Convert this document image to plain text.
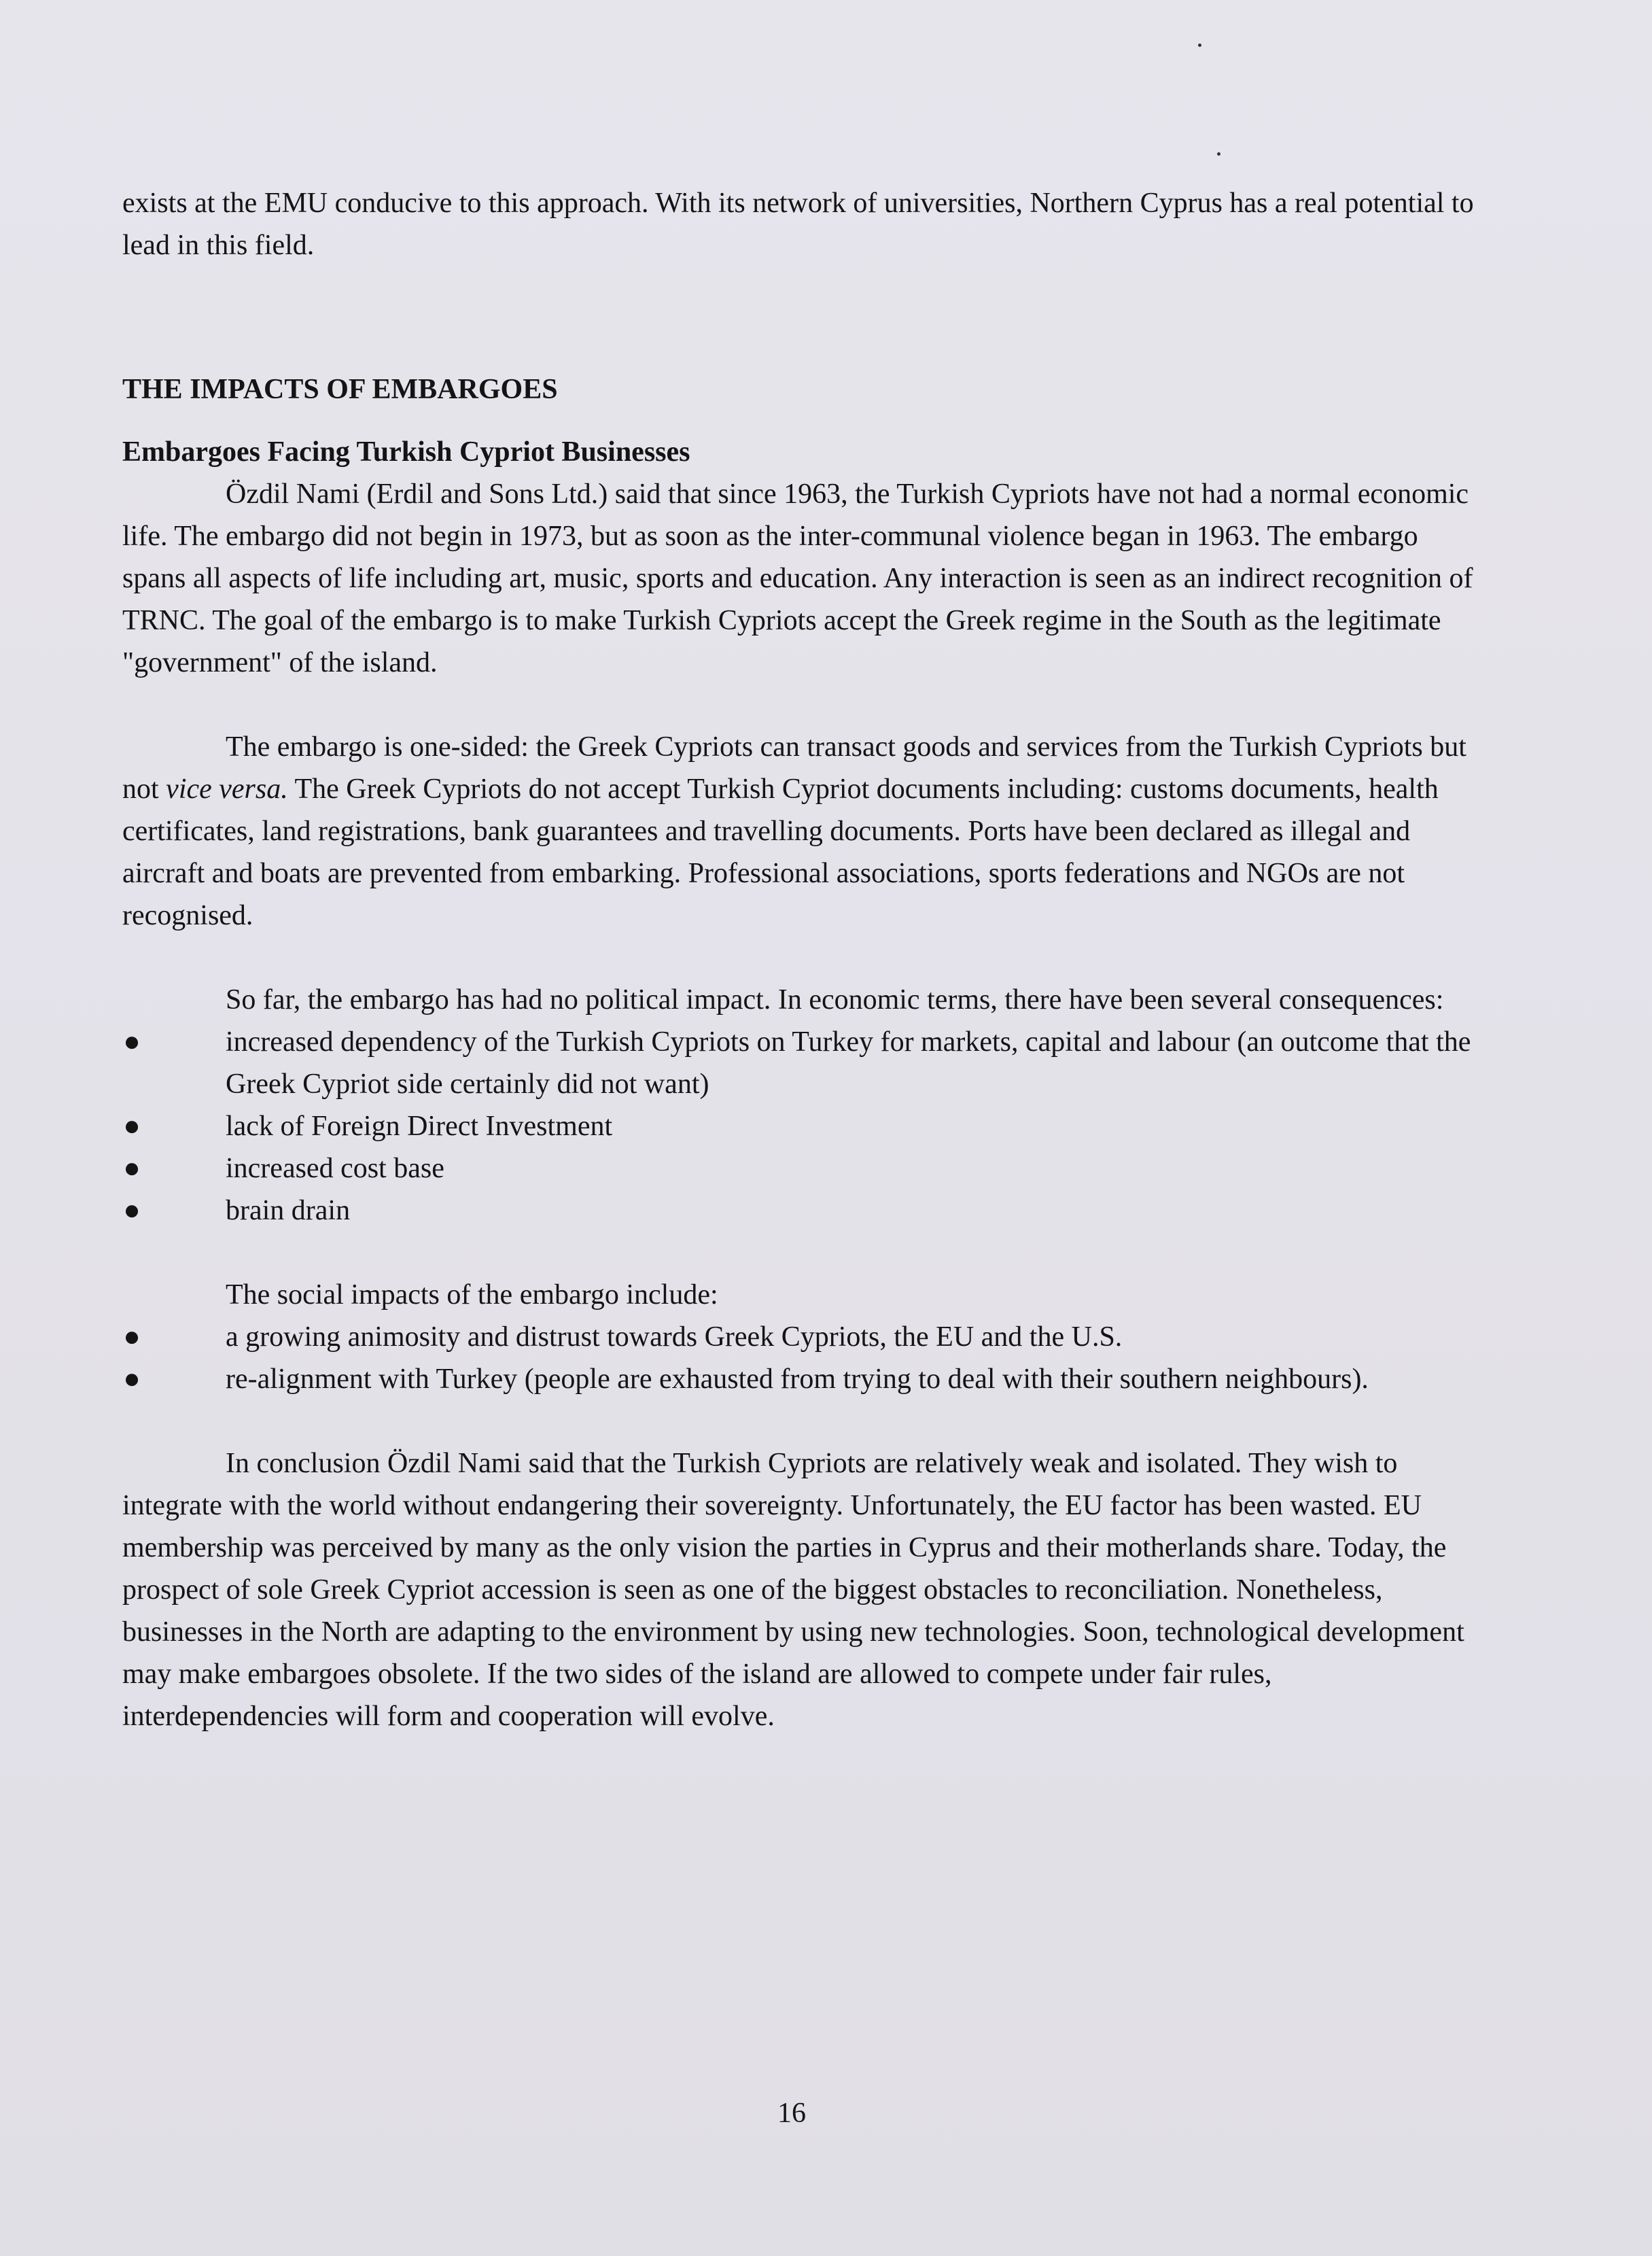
exists at the EMU conducive to this approach. With its network of universities, Northern Cyprus has a real potential to lead in this field.

THE IMPACTS OF EMBARGOES

Embargoes Facing Turkish Cypriot Businesses

Özdil Nami (Erdil and Sons Ltd.) said that since 1963, the Turkish Cypriots have not had a normal economic life. The embargo did not begin in 1973, but as soon as the inter-communal violence began in 1963. The embargo spans all aspects of life including art, music, sports and education. Any interaction is seen as an indirect recognition of TRNC. The goal of the embargo is to make Turkish Cypriots accept the Greek regime in the South as the legitimate "government" of the island.

The embargo is one-sided: the Greek Cypriots can transact goods and services from the Turkish Cypriots but not vice versa. The Greek Cypriots do not accept Turkish Cypriot documents including: customs documents, health certificates, land registrations, bank guarantees and travelling documents. Ports have been declared as illegal and aircraft and boats are prevented from embarking. Professional associations, sports federations and NGOs are not recognised.

So far, the embargo has had no political impact. In economic terms, there have been several consequences:

●	increased dependency of the Turkish Cypriots on Turkey for markets, capital and labour (an outcome that the Greek Cypriot side certainly did not want)
●	lack of Foreign Direct Investment
●	increased cost base
●	brain drain

The social impacts of the embargo include:

●	a growing animosity and distrust towards Greek Cypriots, the EU and the U.S.
●	re-alignment with Turkey (people are exhausted from trying to deal with their southern neighbours).

In conclusion Özdil Nami said that the Turkish Cypriots are relatively weak and isolated. They wish to integrate with the world without endangering their sovereignty. Unfortunately, the EU factor has been wasted. EU membership was perceived by many as the only vision the parties in Cyprus and their motherlands share. Today, the prospect of sole Greek Cypriot accession is seen as one of the biggest obstacles to reconciliation. Nonetheless, businesses in the North are adapting to the environment by using new technologies. Soon, technological development may make embargoes obsolete. If the two sides of the island are allowed to compete under fair rules, interdependencies will form and cooperation will evolve.

16
